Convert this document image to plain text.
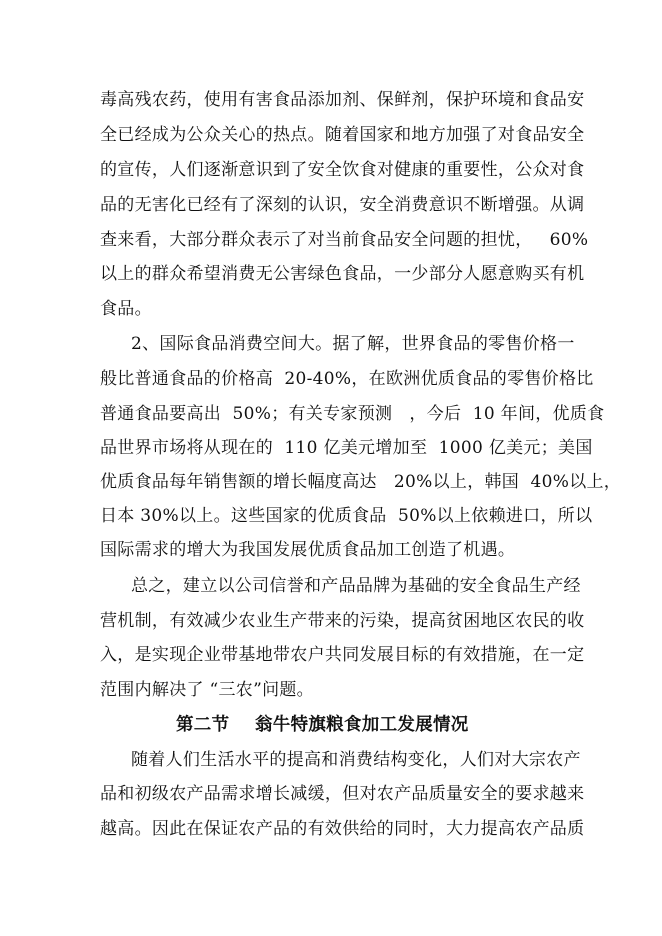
毒高残农药，使用有害食品添加剂、保鲜剂，保护环境和食品安
全已经成为公众关心的热点。随着国家和地方加强了对食品安全
的宣传，人们逐渐意识到了安全饮食对健康的重要性，公众对食
品的无害化已经有了深刻的认识，安全消费意识不断增强。从调
查来看，大部分群众表示了对当前食品安全问题的担忧，   60%
以上的群众希望消费无公害绿色食品，一少部分人愿意购买有机
食品。
2、国际食品消费空间大。据了解，世界食品的零售价格一
般比普通食品的价格高  20-40%，在欧洲优质食品的零售价格比
普通食品要高出  50%；有关专家预测   ，今后  10 年间，优质食
品世界市场将从现在的  110 亿美元增加至  1000 亿美元；美国
优质食品每年销售额的增长幅度高达   20%以上，韩国  40%以上，
日本 30%以上。这些国家的优质食品  50%以上依赖进口，所以
国际需求的增大为我国发展优质食品加工创造了机遇。
总之，建立以公司信誉和产品品牌为基础的安全食品生产经
营机制，有效减少农业生产带来的污染，提高贫困地区农民的收
入，是实现企业带基地带农户共同发展目标的有效措施，在一定
范围内解决了 “三农”问题。
第二节    翁牛特旗粮食加工发展情况
随着人们生活水平的提高和消费结构变化，人们对大宗农产
品和初级农产品需求增长减缓，但对农产品质量安全的要求越来
越高。因此在保证农产品的有效供给的同时，大力提高农产品质
